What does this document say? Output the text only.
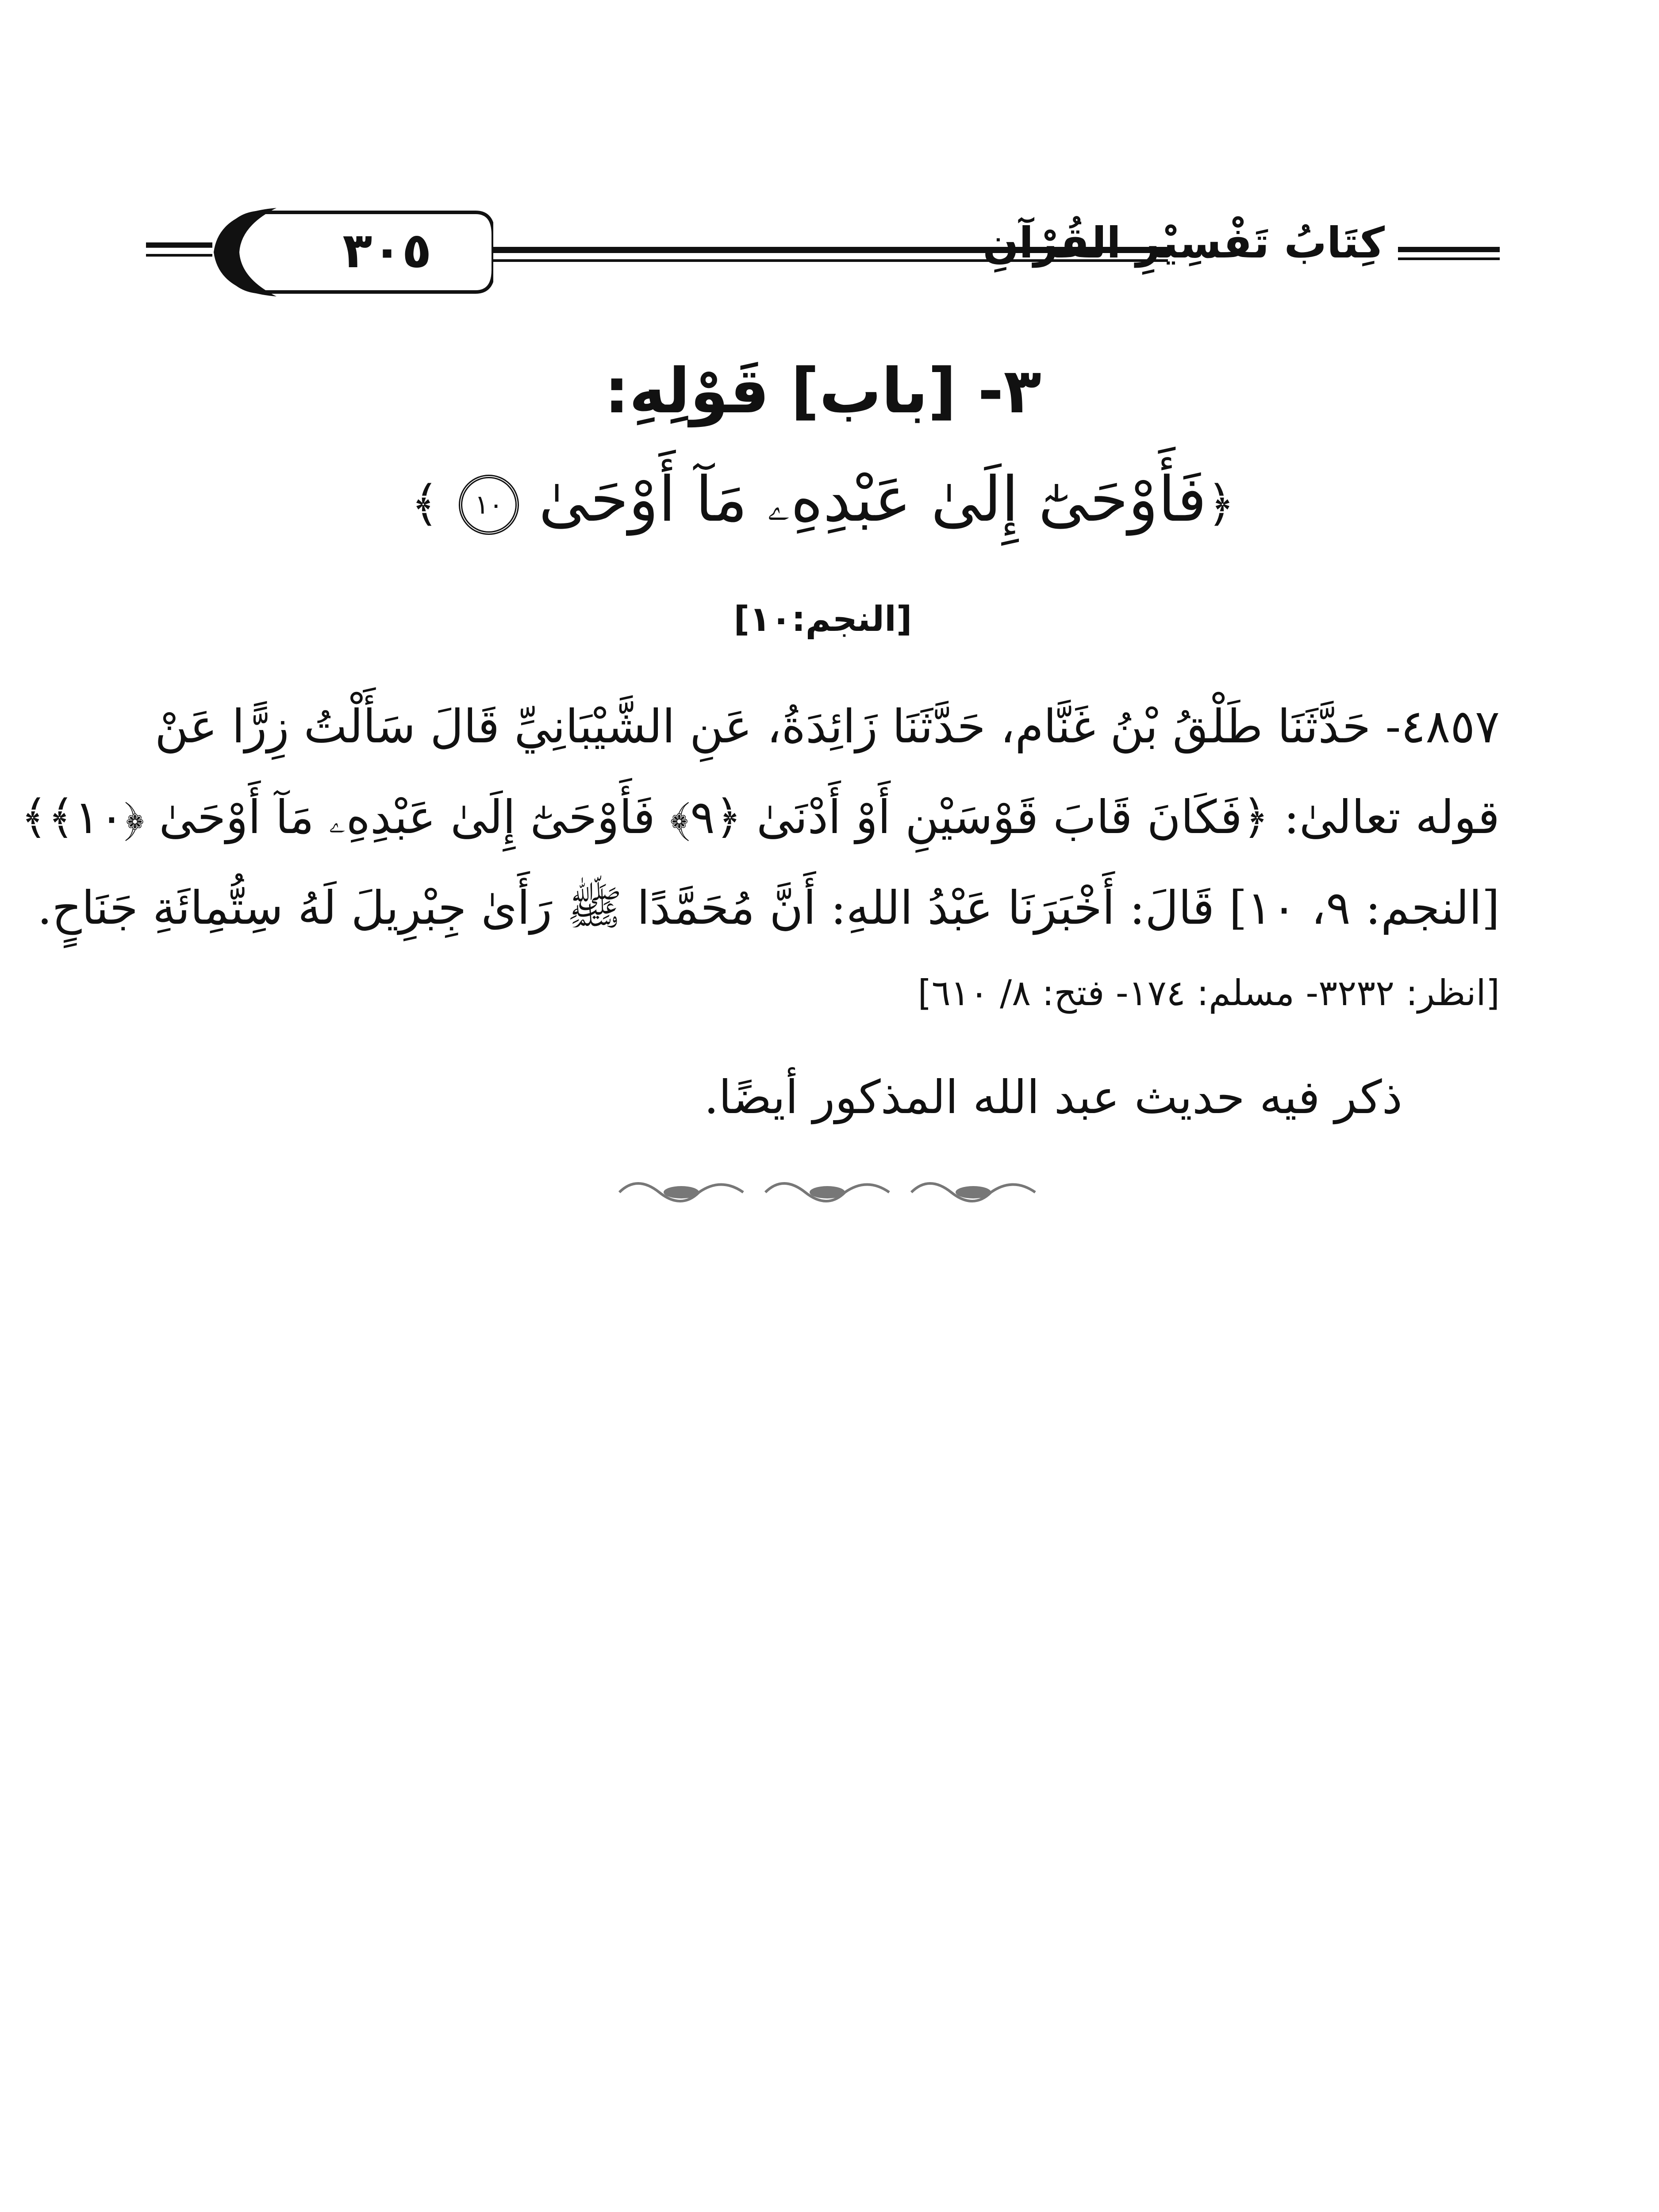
٣٠٥	كِتَابُ تَفْسِيْرِ القُرْآنِ
٣- [باب] قَوْلِهِ:
﴿فَأَوْحَىٰٓ إِلَىٰ عَبْدِهِۦ مَآ أَوْحَىٰ ١٠ ﴾
[النجم:١٠]
٤٨٥٧- حَدَّثَنَا طَلْقُ بْنُ غَنَّام، حَدَّثَنَا زَائِدَةُ، عَنِ الشَّيْبَانِيِّ قَالَ سَأَلْتُ زِرًّا عَنْ
قوله تعالىٰ: ﴿فَكَانَ قَابَ قَوْسَيْنِ أَوْ أَدْنَىٰ ﴿٩﴾ فَأَوْحَىٰٓ إِلَىٰ عَبْدِهِۦ مَآ أَوْحَىٰ ﴿١٠﴾﴾
[النجم: ٩، ١٠] قَالَ: أَخْبَرَنَا عَبْدُ اللهِ: أَنَّ مُحَمَّدًا ﷺ رَأَىٰ جِبْرِيلَ لَهُ سِتُّمِائَةِ جَنَاحٍ.
[انظر: ٣٢٣٢- مسلم: ١٧٤- فتح: ٨/ ٦١٠]
ذكر فيه حديث عبد الله المذكور أيضًا.
